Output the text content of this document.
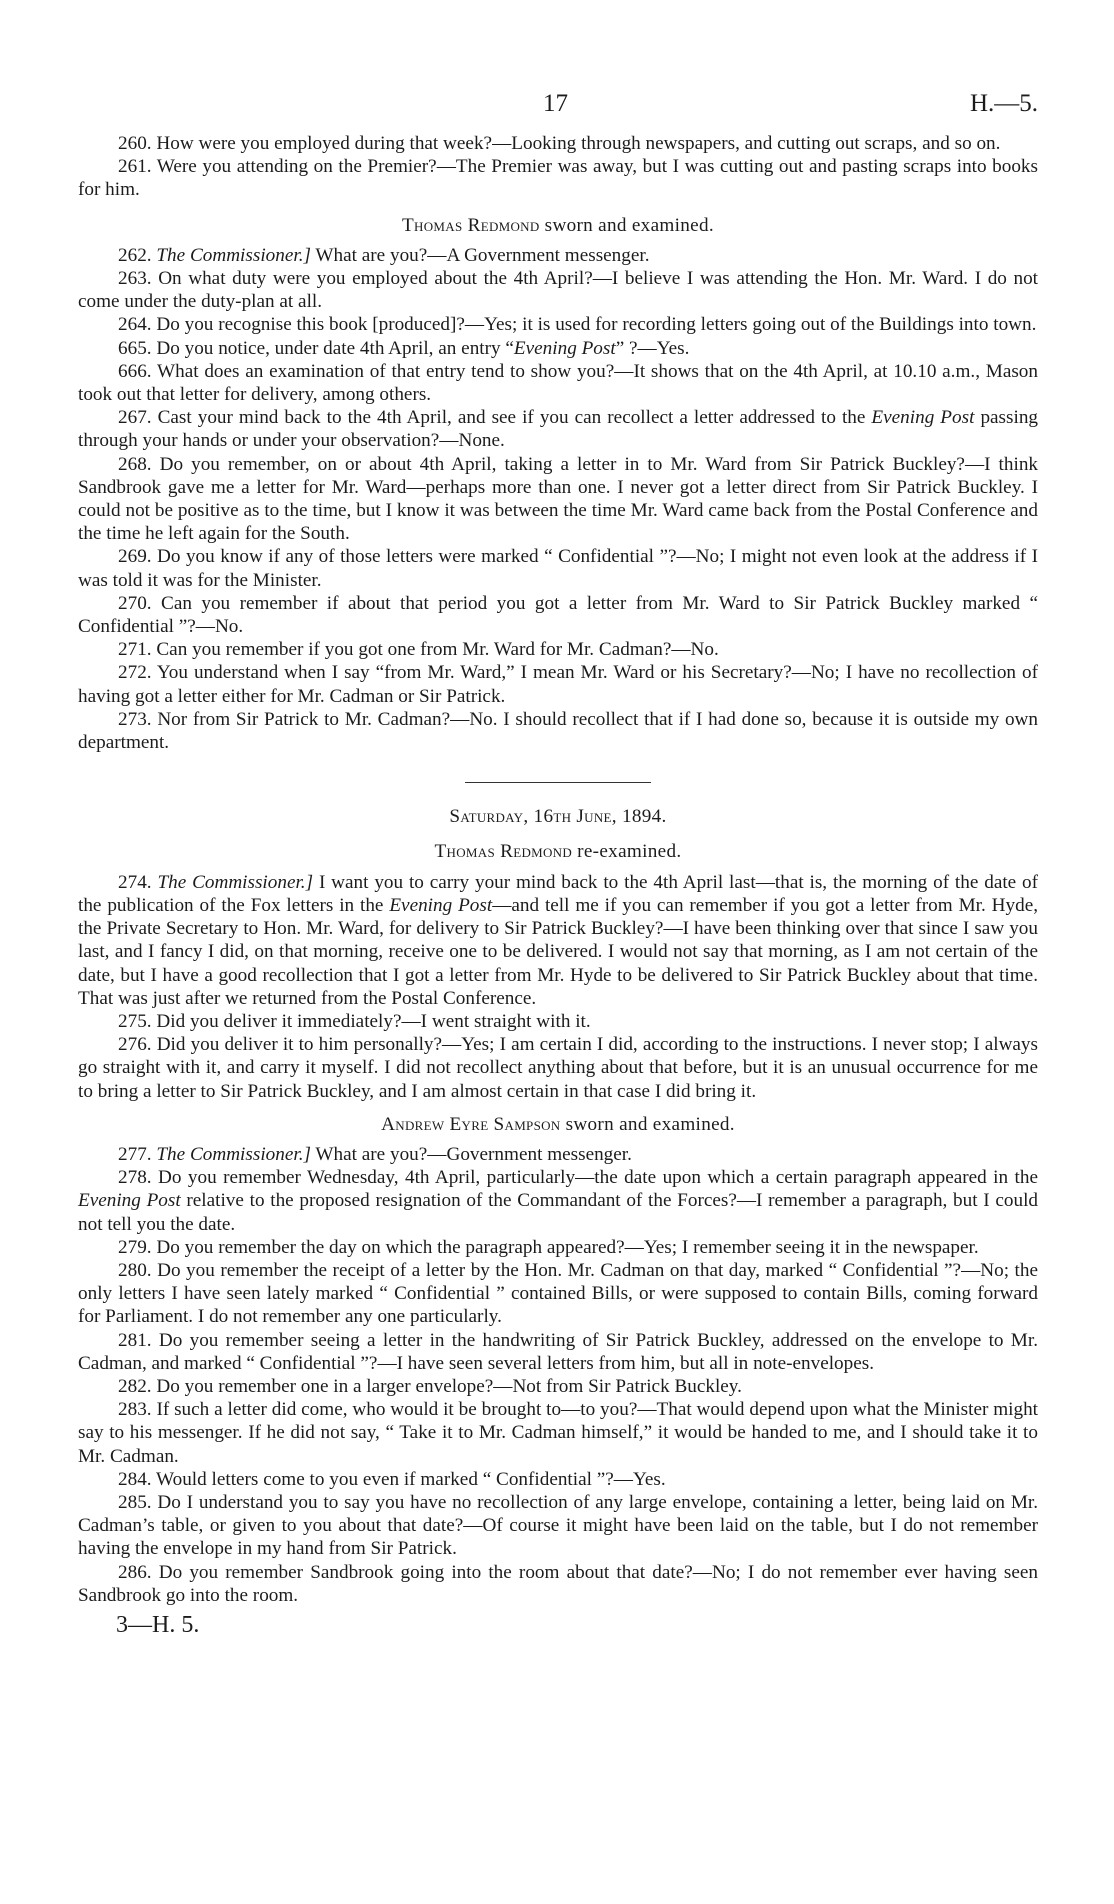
17	H.—5.

260. How were you employed during that week?—Looking through newspapers, and cutting out scraps, and so on.

261. Were you attending on the Premier?—The Premier was away, but I was cutting out and pasting scraps into books for him.

Thomas Redmond sworn and examined.

262. The Commissioner.] What are you?—A Government messenger.

263. On what duty were you employed about the 4th April?—I believe I was attending the Hon. Mr. Ward. I do not come under the duty-plan at all.

264. Do you recognise this book [produced]?—Yes; it is used for recording letters going out of the Buildings into town.

665. Do you notice, under date 4th April, an entry “Evening Post” ?—Yes.

666. What does an examination of that entry tend to show you?—It shows that on the 4th April, at 10.10 a.m., Mason took out that letter for delivery, among others.

267. Cast your mind back to the 4th April, and see if you can recollect a letter addressed to the Evening Post passing through your hands or under your observation?—None.

268. Do you remember, on or about 4th April, taking a letter in to Mr. Ward from Sir Patrick Buckley?—I think Sandbrook gave me a letter for Mr. Ward—perhaps more than one. I never got a letter direct from Sir Patrick Buckley. I could not be positive as to the time, but I know it was between the time Mr. Ward came back from the Postal Conference and the time he left again for the South.

269. Do you know if any of those letters were marked “ Confidential ”?—No; I might not even look at the address if I was told it was for the Minister.

270. Can you remember if about that period you got a letter from Mr. Ward to Sir Patrick Buckley marked “ Confidential ”?—No.

271. Can you remember if you got one from Mr. Ward for Mr. Cadman?—No.

272. You understand when I say “from Mr. Ward,” I mean Mr. Ward or his Secretary?—No; I have no recollection of having got a letter either for Mr. Cadman or Sir Patrick.

273. Nor from Sir Patrick to Mr. Cadman?—No. I should recollect that if I had done so, because it is outside my own department.

Saturday, 16th June, 1894.
Thomas Redmond re-examined.

274. The Commissioner.] I want you to carry your mind back to the 4th April last—that is, the morning of the date of the publication of the Fox letters in the Evening Post—and tell me if you can remember if you got a letter from Mr. Hyde, the Private Secretary to Hon. Mr. Ward, for delivery to Sir Patrick Buckley?—I have been thinking over that since I saw you last, and I fancy I did, on that morning, receive one to be delivered. I would not say that morning, as I am not certain of the date, but I have a good recollection that I got a letter from Mr. Hyde to be delivered to Sir Patrick Buckley about that time. That was just after we returned from the Postal Conference.

275. Did you deliver it immediately?—I went straight with it.

276. Did you deliver it to him personally?—Yes; I am certain I did, according to the instructions. I never stop; I always go straight with it, and carry it myself. I did not recollect anything about that before, but it is an unusual occurrence for me to bring a letter to Sir Patrick Buckley, and I am almost certain in that case I did bring it.

Andrew Eyre Sampson sworn and examined.

277. The Commissioner.] What are you?—Government messenger.

278. Do you remember Wednesday, 4th April, particularly—the date upon which a certain paragraph appeared in the Evening Post relative to the proposed resignation of the Commandant of the Forces?—I remember a paragraph, but I could not tell you the date.

279. Do you remember the day on which the paragraph appeared?—Yes; I remember seeing it in the newspaper.

280. Do you remember the receipt of a letter by the Hon. Mr. Cadman on that day, marked “ Confidential ”?—No; the only letters I have seen lately marked “ Confidential ” contained Bills, or were supposed to contain Bills, coming forward for Parliament. I do not remember any one particularly.

281. Do you remember seeing a letter in the handwriting of Sir Patrick Buckley, addressed on the envelope to Mr. Cadman, and marked “ Confidential ”?—I have seen several letters from him, but all in note-envelopes.

282. Do you remember one in a larger envelope?—Not from Sir Patrick Buckley.

283. If such a letter did come, who would it be brought to—to you?—That would depend upon what the Minister might say to his messenger. If he did not say, “ Take it to Mr. Cadman himself,” it would be handed to me, and I should take it to Mr. Cadman.

284. Would letters come to you even if marked “ Confidential ”?—Yes.

285. Do I understand you to say you have no recollection of any large envelope, containing a letter, being laid on Mr. Cadman’s table, or given to you about that date?—Of course it might have been laid on the table, but I do not remember having the envelope in my hand from Sir Patrick.

286. Do you remember Sandbrook going into the room about that date?—No; I do not remember ever having seen Sandbrook go into the room.

3—H. 5.
